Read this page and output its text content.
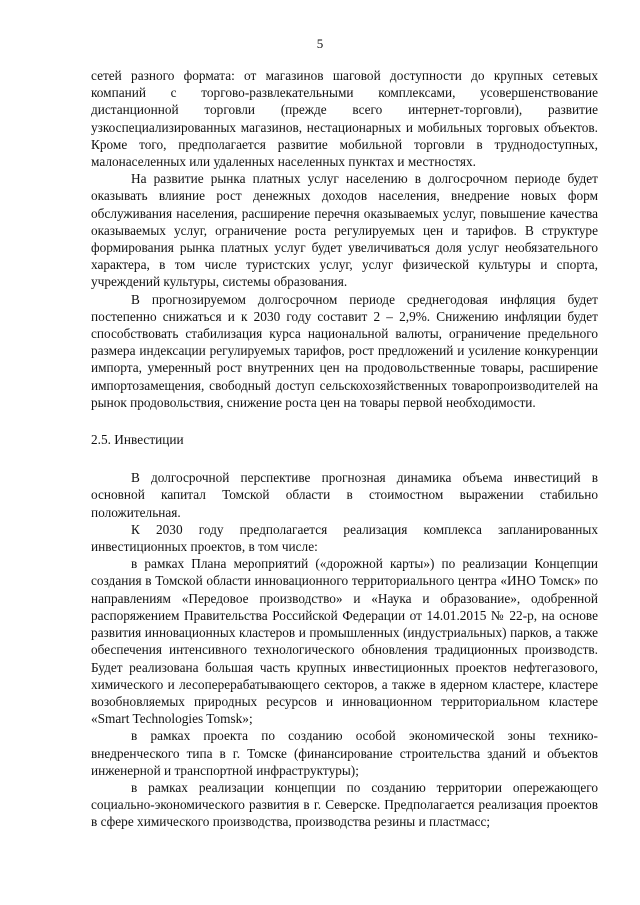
5

сетей разного формата: от магазинов шаговой доступности до крупных сетевых компаний с торгово-развлекательными комплексами, усовершенствование дистанционной торговли (прежде всего интернет-торговли), развитие узкоспециализированных магазинов, нестационарных и мобильных торговых объектов. Кроме того, предполагается развитие мобильной торговли в труднодоступных, малонаселенных или удаленных населенных пунктах и местностях.

На развитие рынка платных услуг населению в долгосрочном периоде будет оказывать влияние рост денежных доходов населения, внедрение новых форм обслуживания населения, расширение перечня оказываемых услуг, повышение качества оказываемых услуг, ограничение роста регулируемых цен и тарифов. В структуре формирования рынка платных услуг будет увеличиваться доля услуг необязательного характера, в том числе туристских услуг, услуг физической культуры и спорта, учреждений культуры, системы образования.

В прогнозируемом долгосрочном периоде среднегодовая инфляция будет постепенно снижаться и к 2030 году составит 2 – 2,9%. Снижению инфляции будет способствовать стабилизация курса национальной валюты, ограничение предельного размера индексации регулируемых тарифов, рост предложений и усиление конкуренции импорта, умеренный рост внутренних цен на продовольственные товары, расширение импортозамещения, свободный доступ сельскохозяйственных товаропроизводителей на рынок продовольствия, снижение роста цен на товары первой необходимости.

2.5. Инвестиции

В долгосрочной перспективе прогнозная динамика объема инвестиций в основной капитал Томской области в стоимостном выражении стабильно положительная.

К 2030 году предполагается реализация комплекса запланированных инвестиционных проектов, в том числе:

в рамках Плана мероприятий («дорожной карты») по реализации Концепции создания в Томской области инновационного территориального центра «ИНО Томск» по направлениям «Передовое производство» и «Наука и образование», одобренной распоряжением Правительства Российской Федерации от 14.01.2015 № 22-р, на основе развития инновационных кластеров и промышленных (индустриальных) парков, а также обеспечения интенсивного технологического обновления традиционных производств. Будет реализована большая часть крупных инвестиционных проектов нефтегазового, химического и лесоперерабатывающего секторов, а также в ядерном кластере, кластере возобновляемых природных ресурсов и инновационном территориальном кластере «Smart Technologies Tomsk»;

в рамках проекта по созданию особой экономической зоны технико-внедренческого типа в г. Томске (финансирование строительства зданий и объектов инженерной и транспортной инфраструктуры);

в рамках реализации концепции по созданию территории опережающего социально-экономического развития в г. Северске. Предполагается реализация проектов в сфере химического производства, производства резины и пластмасс;
